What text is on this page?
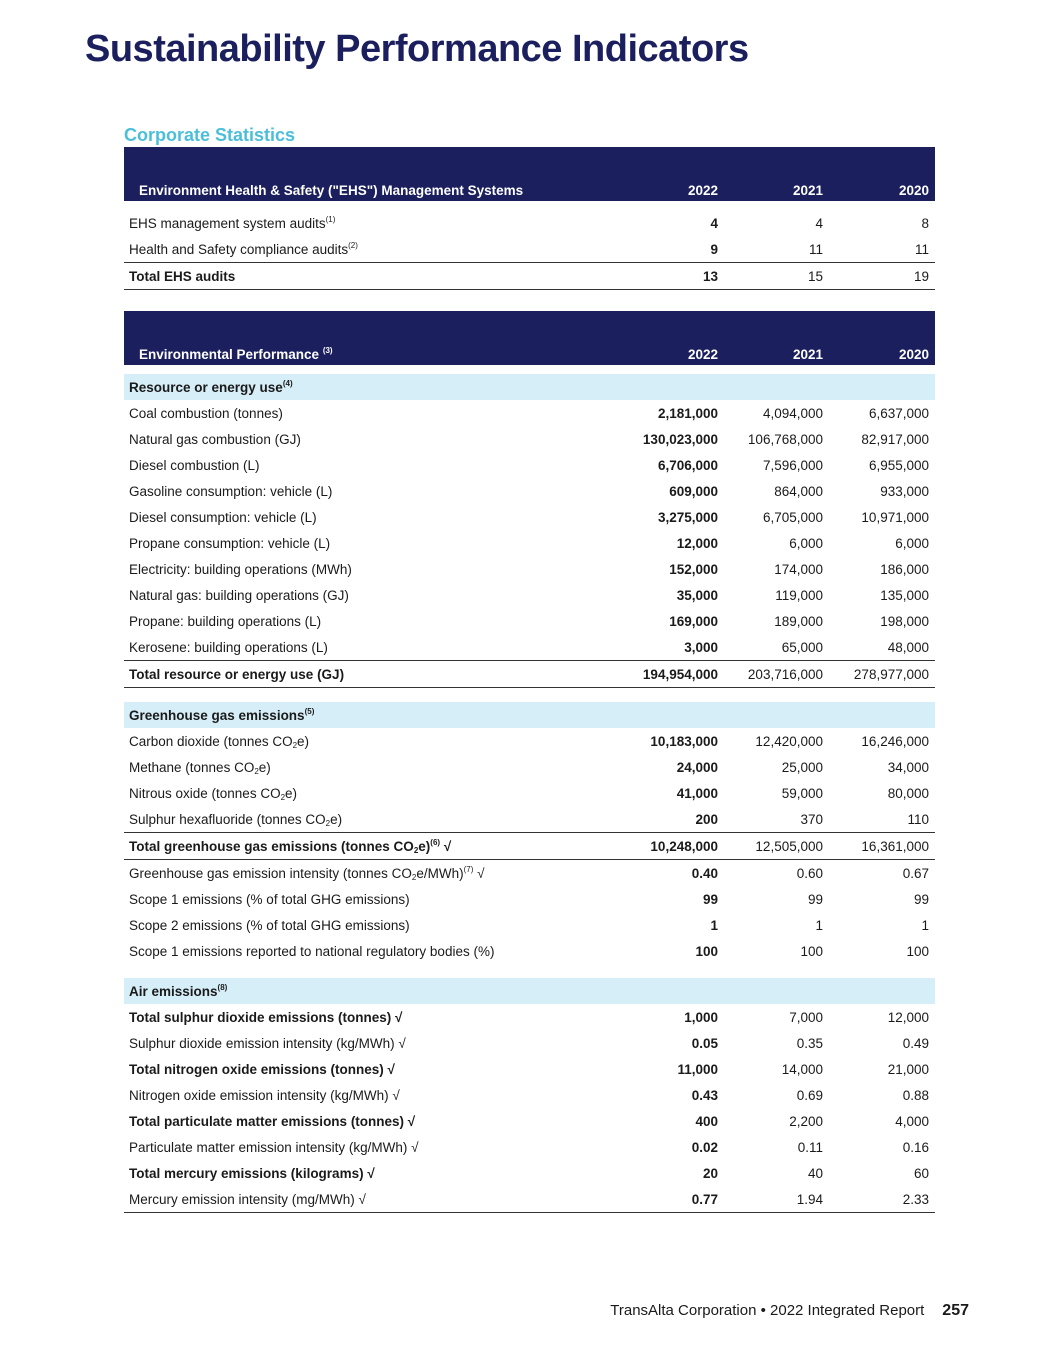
Sustainability Performance Indicators
Corporate Statistics
Environment Health & Safety ("EHS") Management Systems	2022	2021	2020

EHS management system audits$^{(1)}$	4	4	8
Health and Safety compliance audits$^{(2)}$	9	11	11
Total EHS audits	13	15	19
Environmental Performance $^{(3)}$	2022	2021	2020

Resource or energy use$^{(4)}$
Coal combustion (tonnes)	2,181,000	4,094,000	6,637,000
Natural gas combustion (GJ)	130,023,000	106,768,000	82,917,000
Diesel combustion (L)	6,706,000	7,596,000	6,955,000
Gasoline consumption: vehicle (L)	609,000	864,000	933,000
Diesel consumption: vehicle (L)	3,275,000	6,705,000	10,971,000
Propane consumption: vehicle (L)	12,000	6,000	6,000
Electricity: building operations (MWh)	152,000	174,000	186,000
Natural gas: building operations (GJ)	35,000	119,000	135,000
Propane: building operations (L)	169,000	189,000	198,000
Kerosene: building operations (L)	3,000	65,000	48,000
Total resource or energy use (GJ)	194,954,000	203,716,000	278,977,000

Greenhouse gas emissions$^{(5)}$
Carbon dioxide (tonnes $CO_2e$)	10,183,000	12,420,000	16,246,000
Methane (tonnes $CO_2e$)	24,000	25,000	34,000
Nitrous oxide (tonnes $CO_2e$)	41,000	59,000	80,000
Sulphur hexafluoride (tonnes $CO_2e$)	200	370	110
Total greenhouse gas emissions (tonnes $CO_2e)^{(6)}$ √	10,248,000	12,505,000	16,361,000
Greenhouse gas emission intensity (tonnes $CO_2e/MWh)^{(7)}$ √	0.40	0.60	0.67
Scope 1 emissions (% of total GHG emissions)	99	99	99
Scope 2 emissions (% of total GHG emissions)	1	1	1
Scope 1 emissions reported to national regulatory bodies (%)	100	100	100

Air emissions$^{(8)}$
Total sulphur dioxide emissions (tonnes) √	1,000	7,000	12,000
Sulphur dioxide emission intensity (kg/MWh) √	0.05	0.35	0.49
Total nitrogen oxide emissions (tonnes) √	11,000	14,000	21,000
Nitrogen oxide emission intensity (kg/MWh) √	0.43	0.69	0.88
Total particulate matter emissions (tonnes) √	400	2,200	4,000
Particulate matter emission intensity (kg/MWh) √	0.02	0.11	0.16
Total mercury emissions (kilograms) √	20	40	60
Mercury emission intensity (mg/MWh) √	0.77	1.94	2.33
TransAlta Corporation • 2022 Integrated Report 257
